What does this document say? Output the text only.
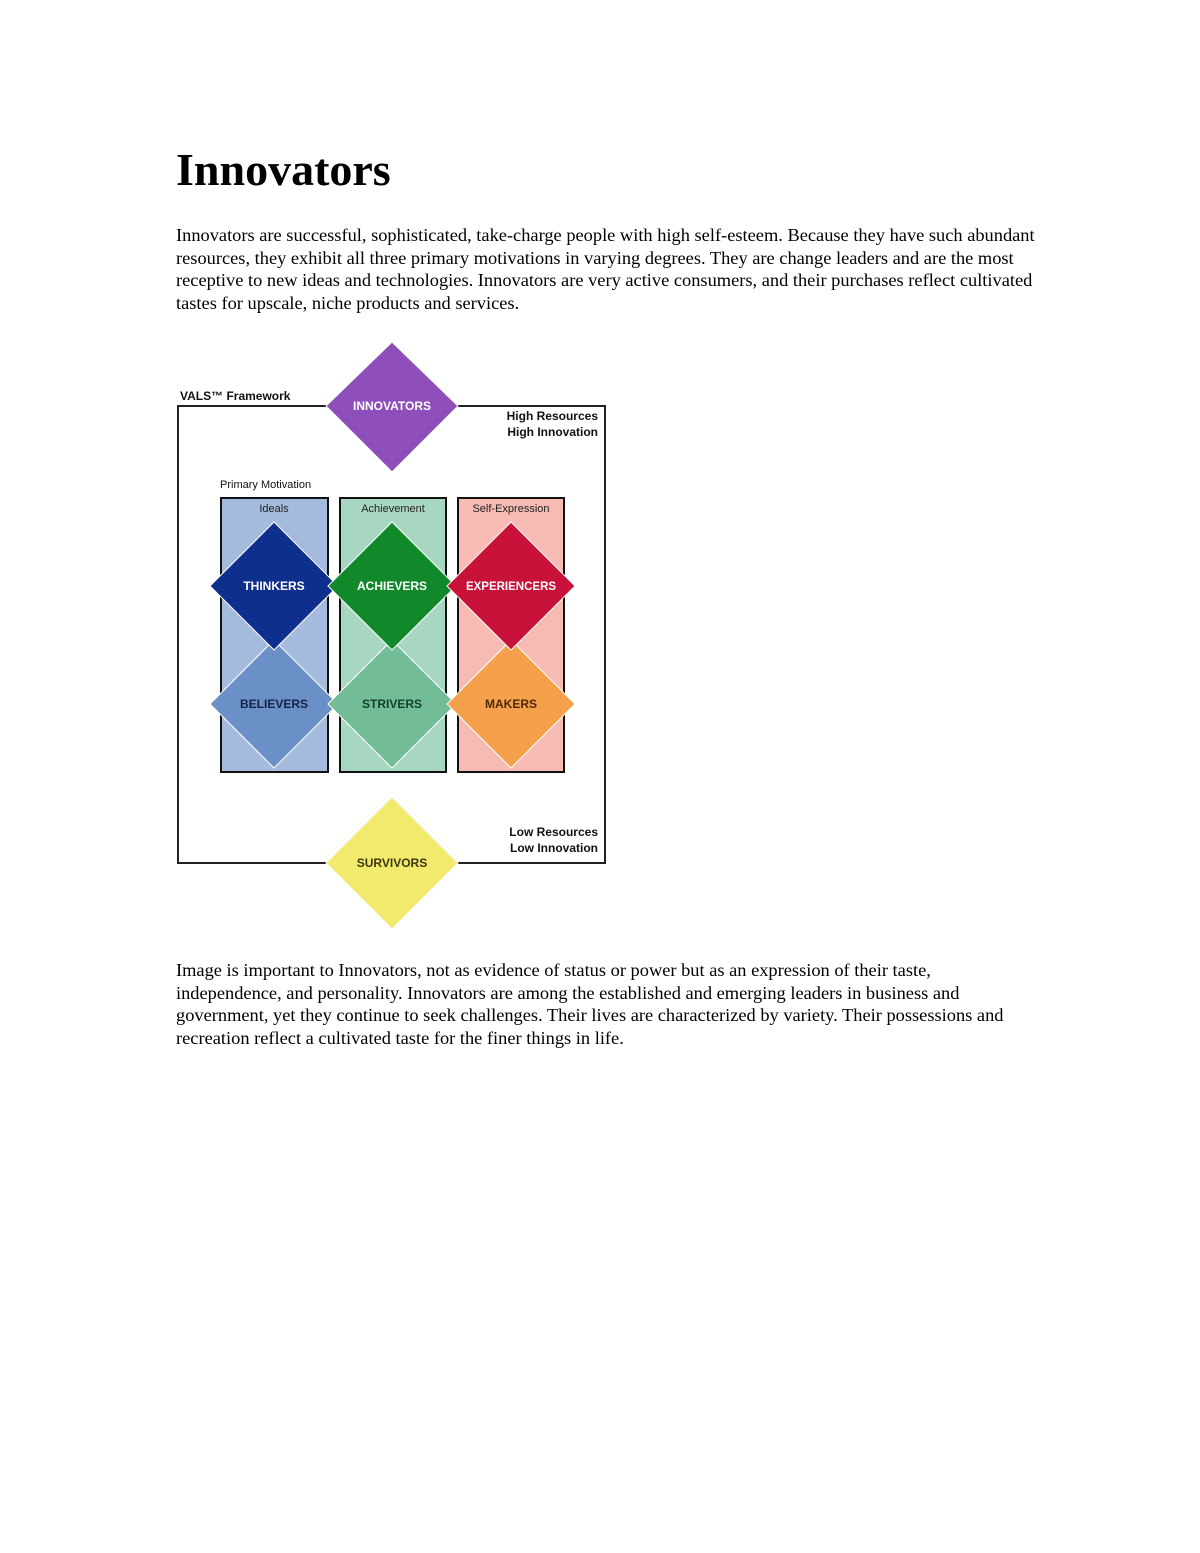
Innovators

Innovators are successful, sophisticated, take-charge people with high self-esteem. Because they have such abundant resources, they exhibit all three primary motivations in varying degrees. They are change leaders and are the most receptive to new ideas and technologies. Innovators are very active consumers, and their purchases reflect cultivated tastes for upscale, niche products and services.

VALS™ Framework
High Resources
High Innovation
Low Resources
Low Innovation
Primary Motivation
Ideals	Achievement	Self-Expression
BELIEVERS	STRIVERS	MAKERS
THINKERS	ACHIEVERS	EXPERIENCERS
INNOVATORS
SURVIVORS

Image is important to Innovators, not as evidence of status or power but as an expression of their taste, independence, and personality. Innovators are among the established and emerging leaders in business and government, yet they continue to seek challenges. Their lives are characterized by variety. Their possessions and recreation reflect a cultivated taste for the finer things in life.
